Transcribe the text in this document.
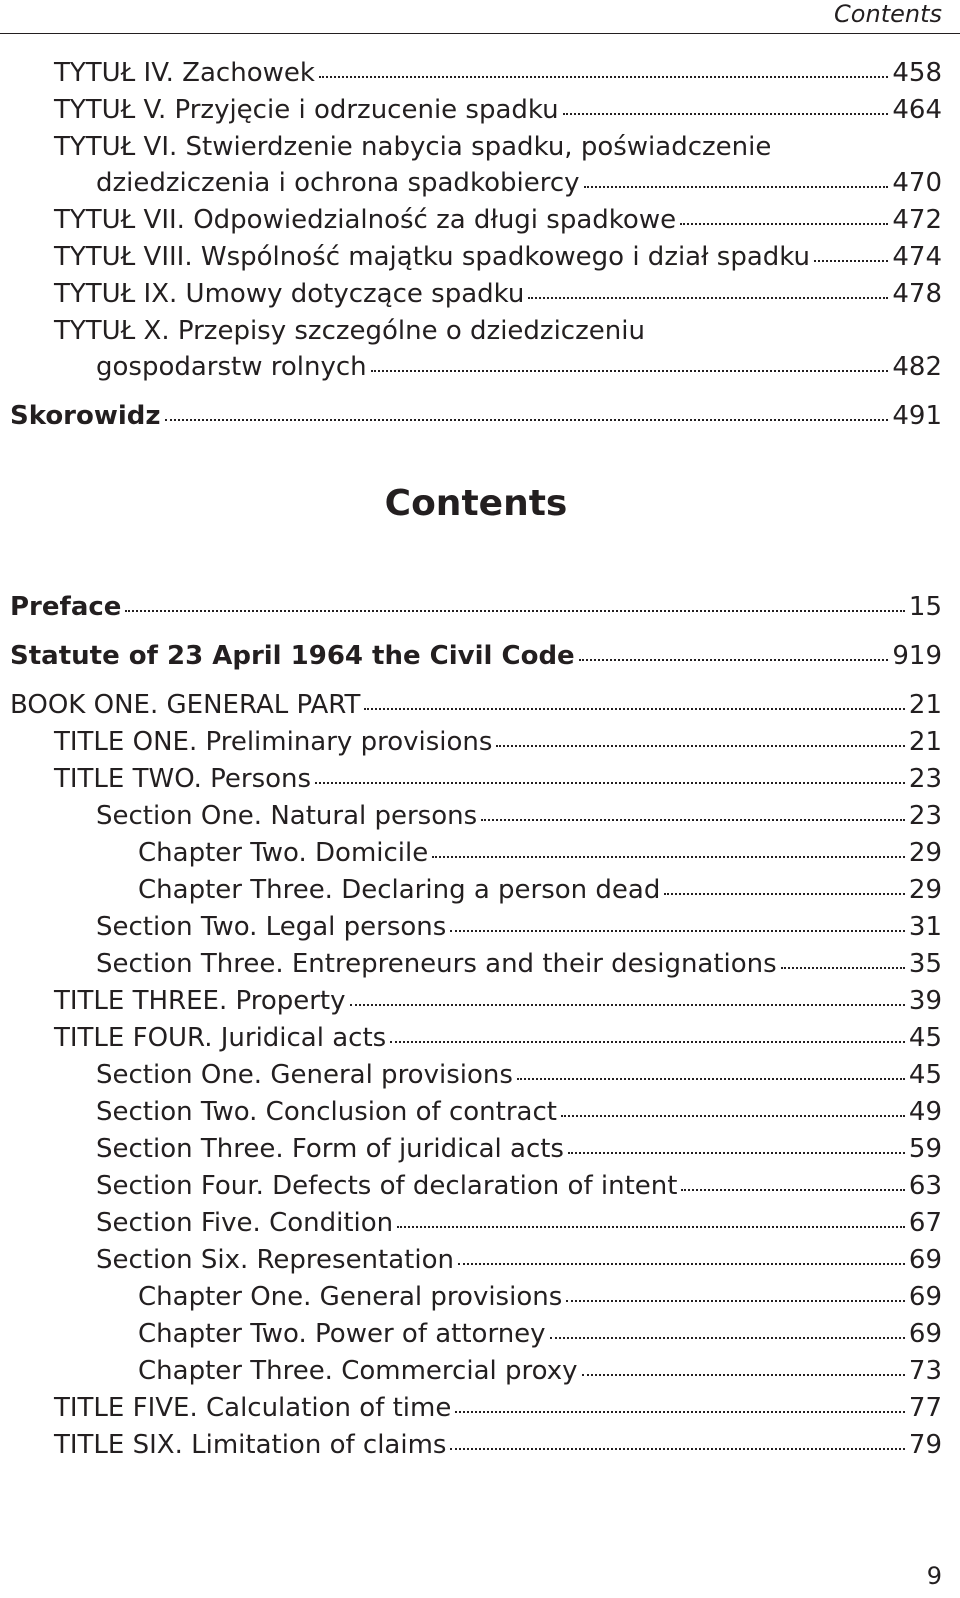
Contents
TYTUŁ IV. Zachowek	458
TYTUŁ V. Przyjęcie i odrzucenie spadku	464
TYTUŁ VI. Stwierdzenie nabycia spadku, poświadczenie
dziedziczenia i ochrona spadkobiercy	470
TYTUŁ VII. Odpowiedzialność za długi spadkowe	472
TYTUŁ VIII. Wspólność majątku spadkowego i dział spadku	474
TYTUŁ IX. Umowy dotyczące spadku	478
TYTUŁ X. Przepisy szczególne o dziedziczeniu
gospodarstw rolnych	482
Skorowidz	491
Contents
Preface	15
Statute of 23 April 1964 the Civil Code	919
BOOK ONE. GENERAL PART	21
TITLE ONE. Preliminary provisions	21
TITLE TWO. Persons	23
Section One. Natural persons	23
Chapter Two. Domicile	29
Chapter Three. Declaring a person dead	29
Section Two. Legal persons	31
Section Three. Entrepreneurs and their designations	35
TITLE THREE. Property	39
TITLE FOUR. Juridical acts	45
Section One. General provisions	45
Section Two. Conclusion of contract	49
Section Three. Form of juridical acts	59
Section Four. Defects of declaration of intent	63
Section Five. Condition	67
Section Six. Representation	69
Chapter One. General provisions	69
Chapter Two. Power of attorney	69
Chapter Three. Commercial proxy	73
TITLE FIVE. Calculation of time	77
TITLE SIX. Limitation of claims	79
9
